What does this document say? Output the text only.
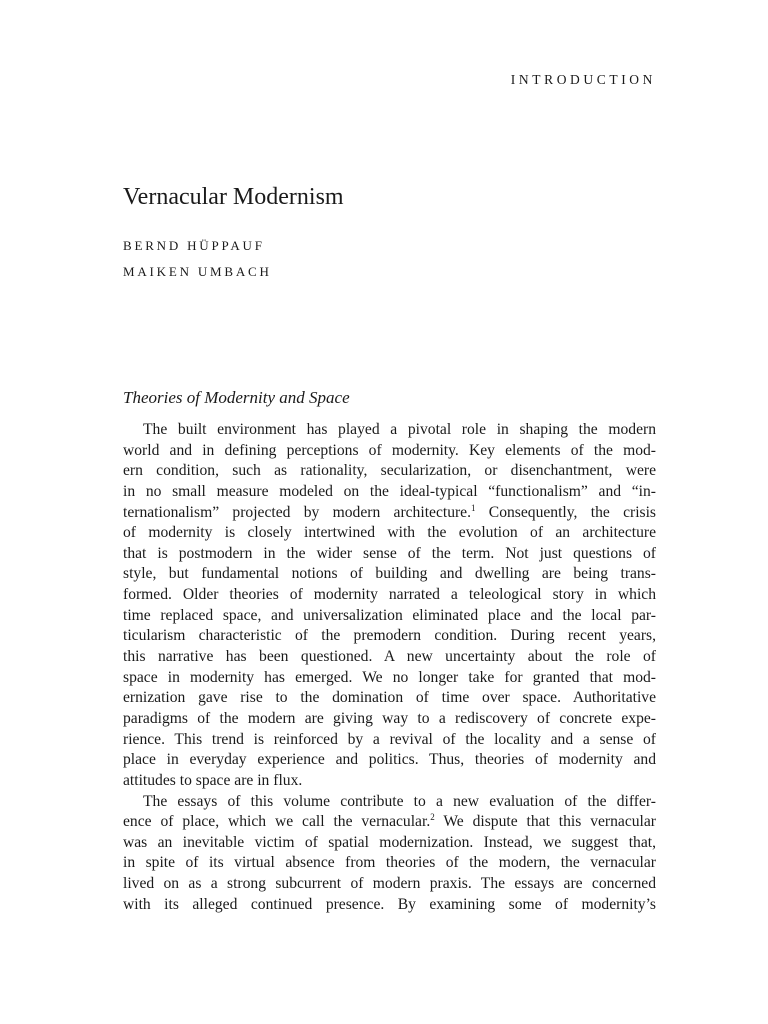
INTRODUCTION
Vernacular Modernism
BERND HÜPPAUF
MAIKEN UMBACH
Theories of Modernity and Space
The built environment has played a pivotal role in shaping the modern
world and in defining perceptions of modernity. Key elements of the mod-
ern condition, such as rationality, secularization, or disenchantment, were
in no small measure modeled on the ideal-typical “functionalism” and “in-
ternationalism” projected by modern architecture.$^1$ Consequently, the crisis
of modernity is closely intertwined with the evolution of an architecture
that is postmodern in the wider sense of the term. Not just questions of
style, but fundamental notions of building and dwelling are being trans-
formed. Older theories of modernity narrated a teleological story in which
time replaced space, and universalization eliminated place and the local par-
ticularism characteristic of the premodern condition. During recent years,
this narrative has been questioned. A new uncertainty about the role of
space in modernity has emerged. We no longer take for granted that mod-
ernization gave rise to the domination of time over space. Authoritative
paradigms of the modern are giving way to a rediscovery of concrete expe-
rience. This trend is reinforced by a revival of the locality and a sense of
place in everyday experience and politics. Thus, theories of modernity and
attitudes to space are in flux.
The essays of this volume contribute to a new evaluation of the differ-
ence of place, which we call the vernacular.$^2$ We dispute that this vernacular
was an inevitable victim of spatial modernization. Instead, we suggest that,
in spite of its virtual absence from theories of the modern, the vernacular
lived on as a strong subcurrent of modern praxis. The essays are concerned
with its alleged continued presence. By examining some of modernity’s
